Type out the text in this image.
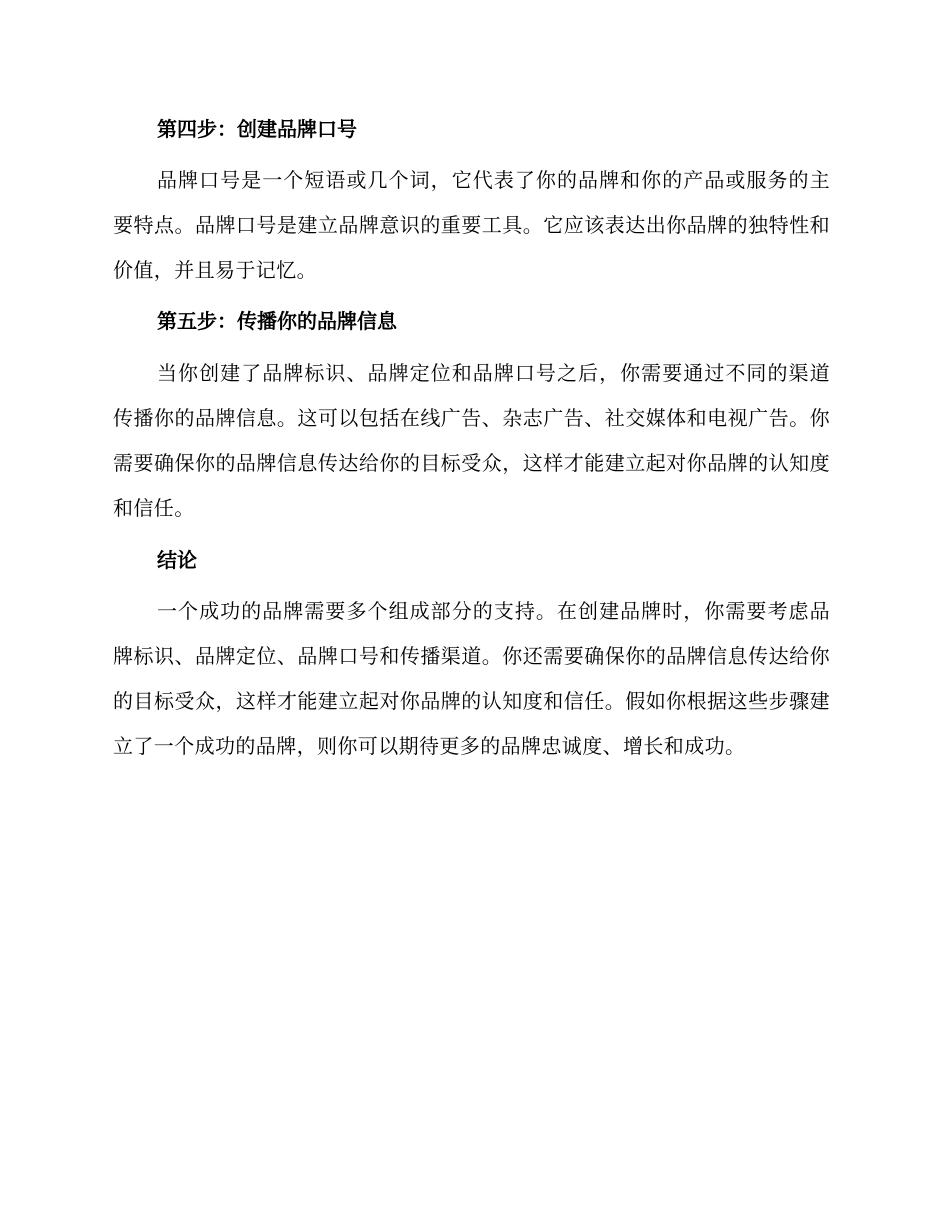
第四步：创建品牌口号

品牌口号是一个短语或几个词，它代表了你的品牌和你的产品或服务的主要特点。品牌口号是建立品牌意识的重要工具。它应该表达出你品牌的独特性和价值，并且易于记忆。

第五步：传播你的品牌信息

当你创建了品牌标识、品牌定位和品牌口号之后，你需要通过不同的渠道传播你的品牌信息。这可以包括在线广告、杂志广告、社交媒体和电视广告。你需要确保你的品牌信息传达给你的目标受众，这样才能建立起对你品牌的认知度和信任。

结论

一个成功的品牌需要多个组成部分的支持。在创建品牌时，你需要考虑品牌标识、品牌定位、品牌口号和传播渠道。你还需要确保你的品牌信息传达给你的目标受众，这样才能建立起对你品牌的认知度和信任。假如你根据这些步骤建立了一个成功的品牌，则你可以期待更多的品牌忠诚度、增长和成功。
